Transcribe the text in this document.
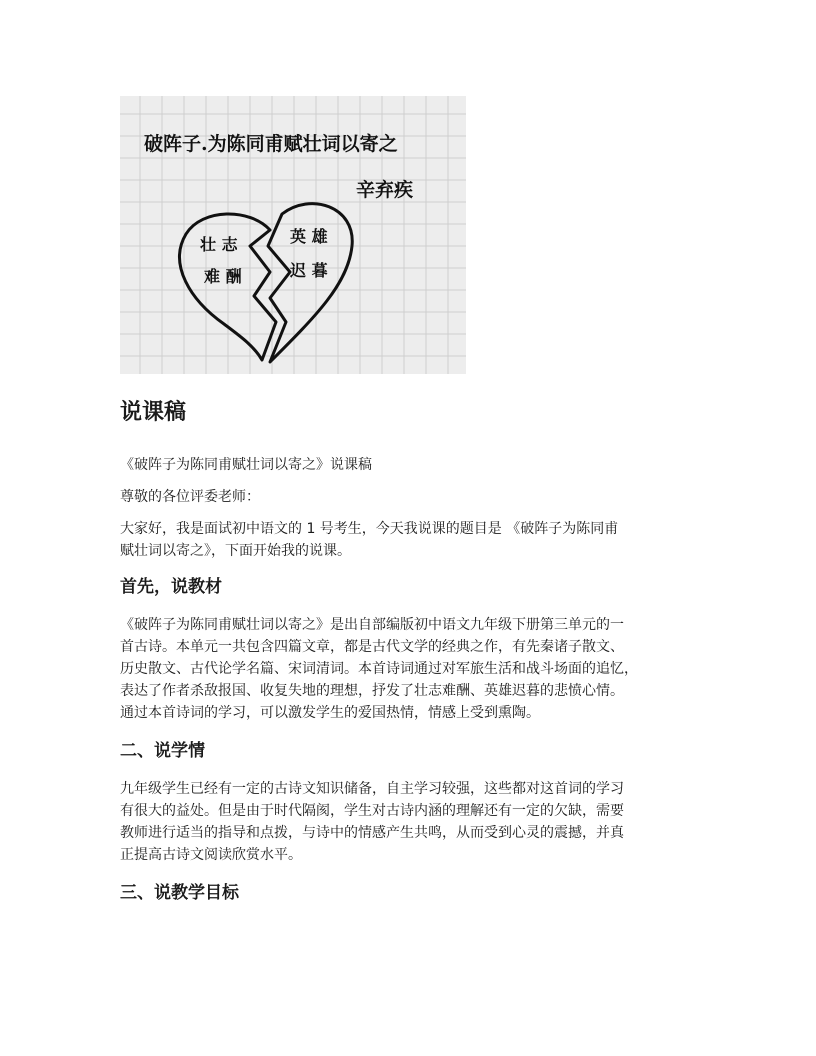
破阵子.为陈同甫赋壮词以寄之
辛弃疾
壮 志
难 酬
英 雄
迟 暮
说课稿

《破阵子为陈同甫赋壮词以寄之》说课稿

尊敬的各位评委老师：

大家好，我是面试初中语文的 1 号考生，今天我说课的题目是 《破阵子为陈同甫
赋壮词以寄之》，下面开始我的说课。

首先，说教材

《破阵子为陈同甫赋壮词以寄之》是出自部编版初中语文九年级下册第三单元的一
首古诗。本单元一共包含四篇文章，都是古代文学的经典之作，有先秦诸子散文、
历史散文、古代论学名篇、宋词清词。本首诗词通过对军旅生活和战斗场面的追忆，
表达了作者杀敌报国、收复失地的理想，抒发了壮志难酬、英雄迟暮的悲愤心情。
通过本首诗词的学习，可以激发学生的爱国热情，情感上受到熏陶。

二、说学情

九年级学生已经有一定的古诗文知识储备，自主学习较强，这些都对这首词的学习
有很大的益处。但是由于时代隔阂，学生对古诗内涵的理解还有一定的欠缺，需要
教师进行适当的指导和点拨，与诗中的情感产生共鸣，从而受到心灵的震撼，并真
正提高古诗文阅读欣赏水平。

三、说教学目标
